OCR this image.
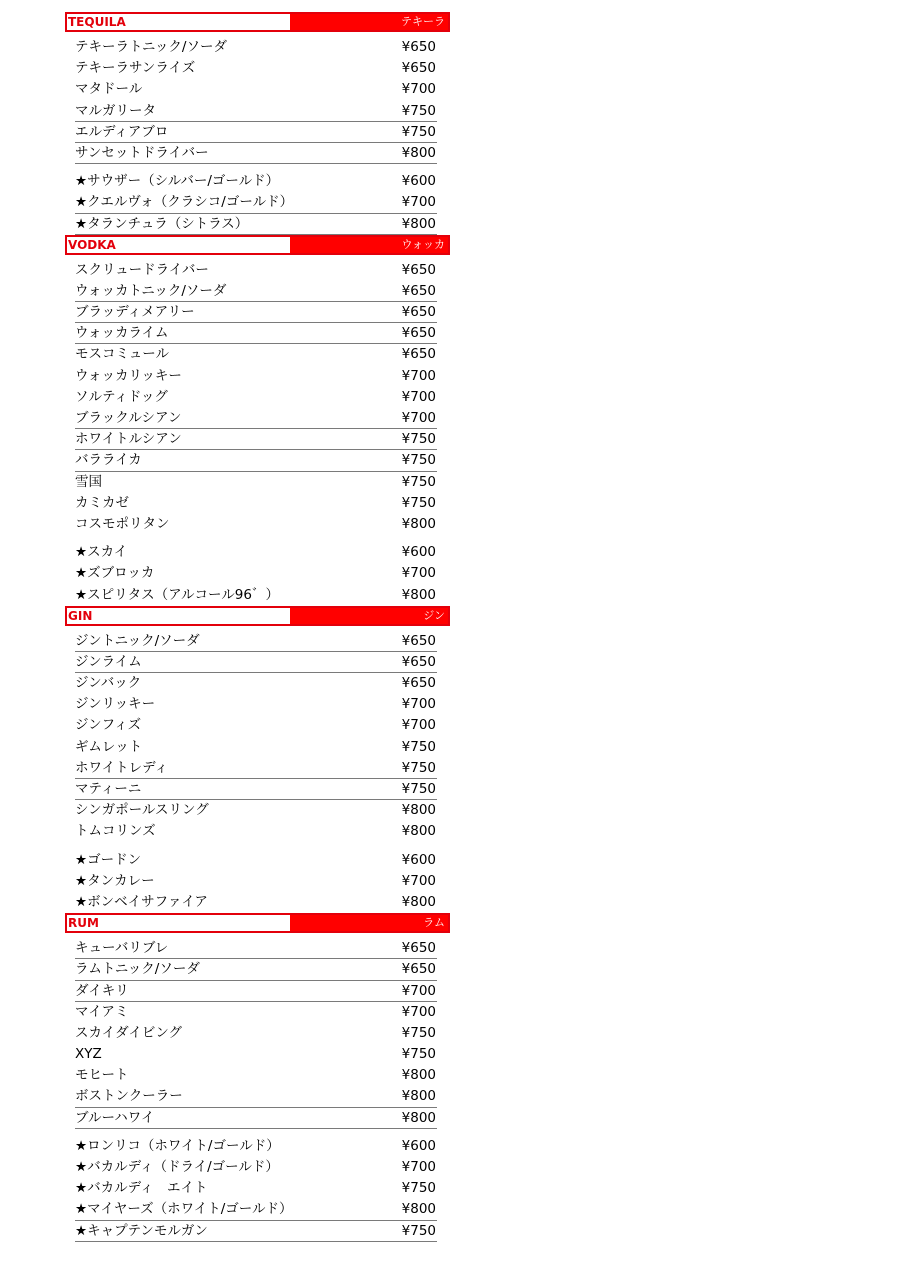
TEQUILA	テキーラ
テキーラトニック/ソーダ	¥650
テキーラサンライズ	¥650
マタドール	¥700
マルガリータ	¥750
エルディアブロ	¥750
サンセットドライバー	¥800
★サウザー（シルバー/ゴールド）	¥600
★クエルヴォ（クラシコ/ゴールド）	¥700
★タランチュラ（シトラス）	¥800
VODKA	ウォッカ
スクリュードライバー	¥650
ウォッカトニック/ソーダ	¥650
ブラッディメアリー	¥650
ウォッカライム	¥650
モスコミュール	¥650
ウォッカリッキー	¥700
ソルティドッグ	¥700
ブラックルシアン	¥700
ホワイトルシアン	¥750
バラライカ	¥750
雪国	¥750
カミカゼ	¥750
コスモポリタン	¥800
★スカイ	¥600
★ズブロッカ	¥700
★スピリタス（アルコール96゛）	¥800
GIN	ジン
ジントニック/ソーダ	¥650
ジンライム	¥650
ジンバック	¥650
ジンリッキー	¥700
ジンフィズ	¥700
ギムレット	¥750
ホワイトレディ	¥750
マティーニ	¥750
シンガポールスリング	¥800
トムコリンズ	¥800
★ゴードン	¥600
★タンカレー	¥700
★ボンベイサファイア	¥800
RUM	ラム
キューバリブレ	¥650
ラムトニック/ソーダ	¥650
ダイキリ	¥700
マイアミ	¥700
スカイダイビング	¥750
XYZ	¥750
モヒート	¥800
ボストンクーラー	¥800
ブルーハワイ	¥800
★ロンリコ（ホワイト/ゴールド）	¥600
★バカルディ（ドライ/ゴールド）	¥700
★バカルディ　エイト	¥750
★マイヤーズ（ホワイト/ゴールド）	¥800
★キャプテンモルガン	¥750
